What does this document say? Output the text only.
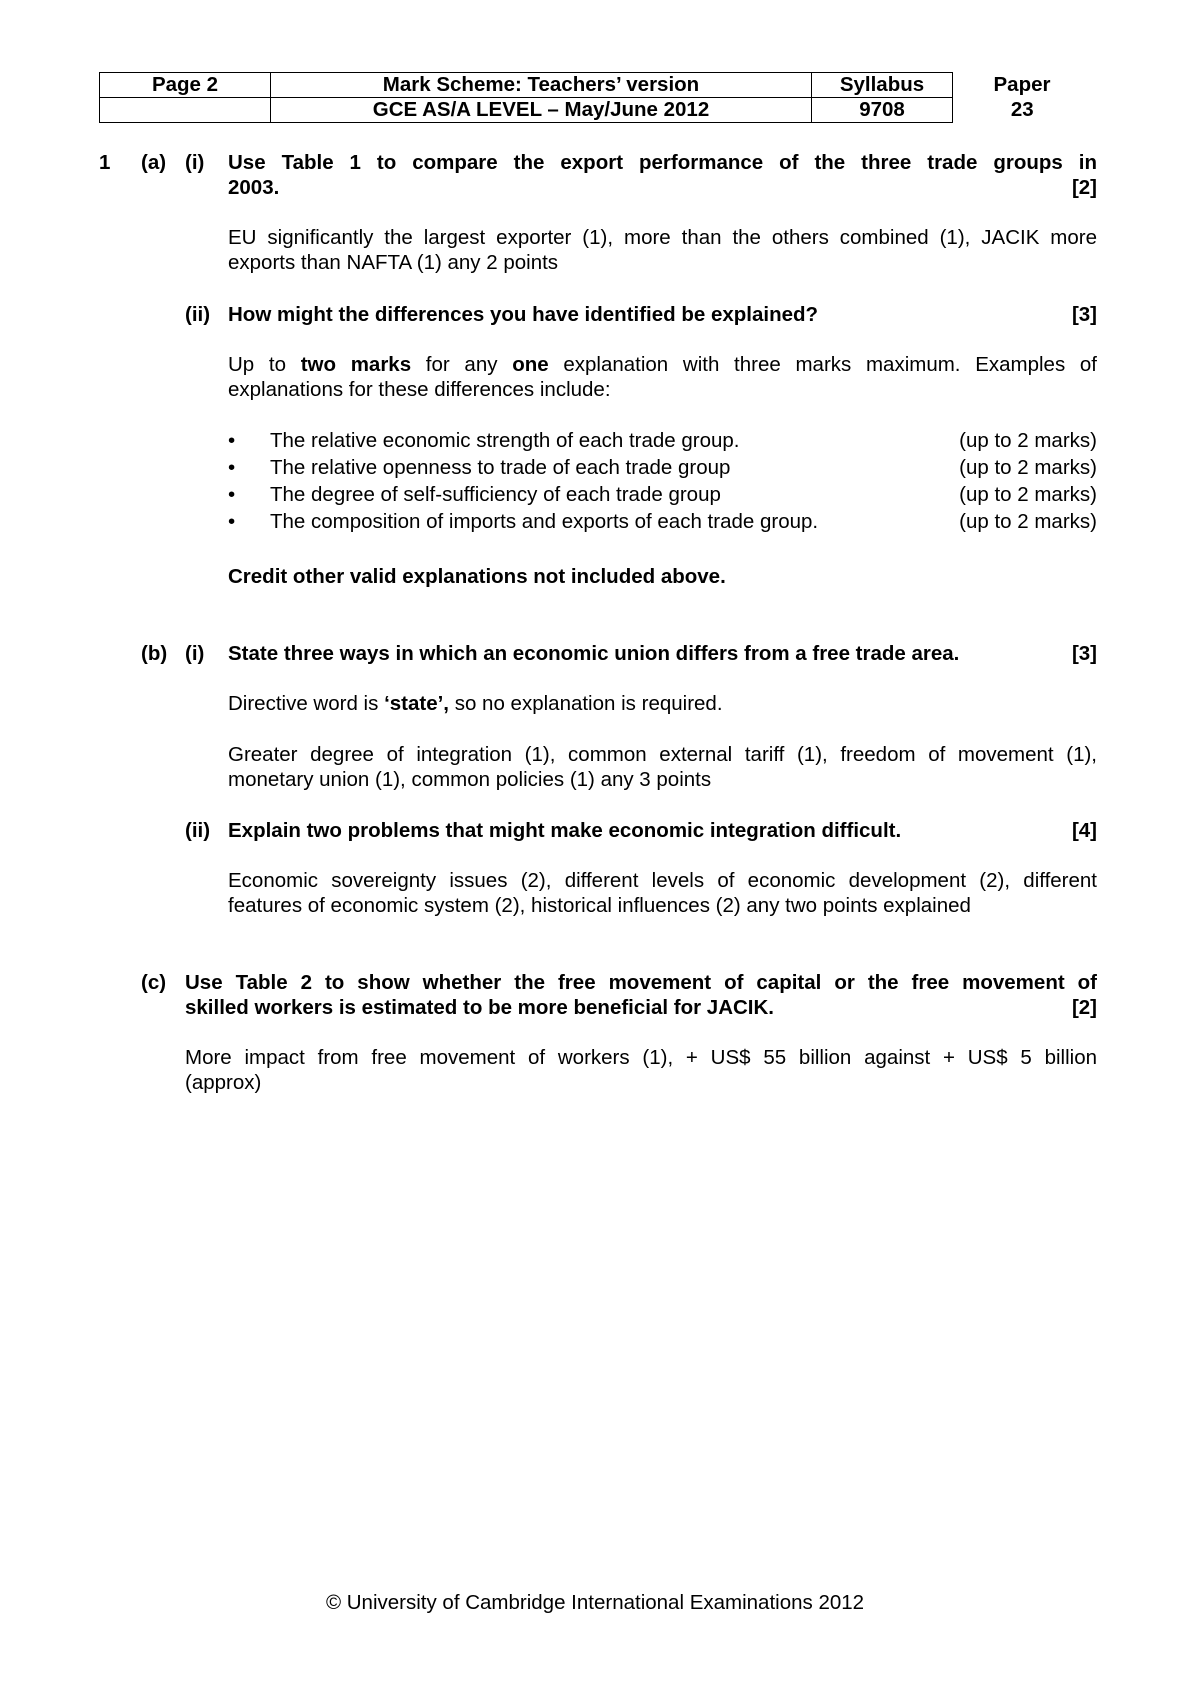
Page 2	Mark Scheme: Teachers’ version	Syllabus	Paper
	GCE AS/A LEVEL – May/June 2012	9708	23
1 (a) (i) Use Table 1 to compare the export performance of the three trade groups in
2003.	[2]
EU significantly the largest exporter (1), more than the others combined (1), JACIK more
exports than NAFTA (1) any 2 points
(ii) How might the differences you have identified be explained?	[3]
Up to two marks for any one explanation with three marks maximum. Examples of
explanations for these differences include:
•	The relative economic strength of each trade group.	(up to 2 marks)
•	The relative openness to trade of each trade group	(up to 2 marks)
•	The degree of self-sufficiency of each trade group	(up to 2 marks)
•	The composition of imports and exports of each trade group.	(up to 2 marks)
Credit other valid explanations not included above.
(b) (i) State three ways in which an economic union differs from a free trade area.	[3]
Directive word is ‘state’, so no explanation is required.
Greater degree of integration (1), common external tariff (1), freedom of movement (1),
monetary union (1), common policies (1) any 3 points
(ii) Explain two problems that might make economic integration difficult.	[4]
Economic sovereignty issues (2), different levels of economic development (2), different
features of economic system (2), historical influences (2) any two points explained
(c) Use Table 2 to show whether the free movement of capital or the free movement of
skilled workers is estimated to be more beneficial for JACIK.	[2]
More impact from free movement of workers (1), + US$ 55 billion against + US$ 5 billion
(approx)
© University of Cambridge International Examinations 2012
